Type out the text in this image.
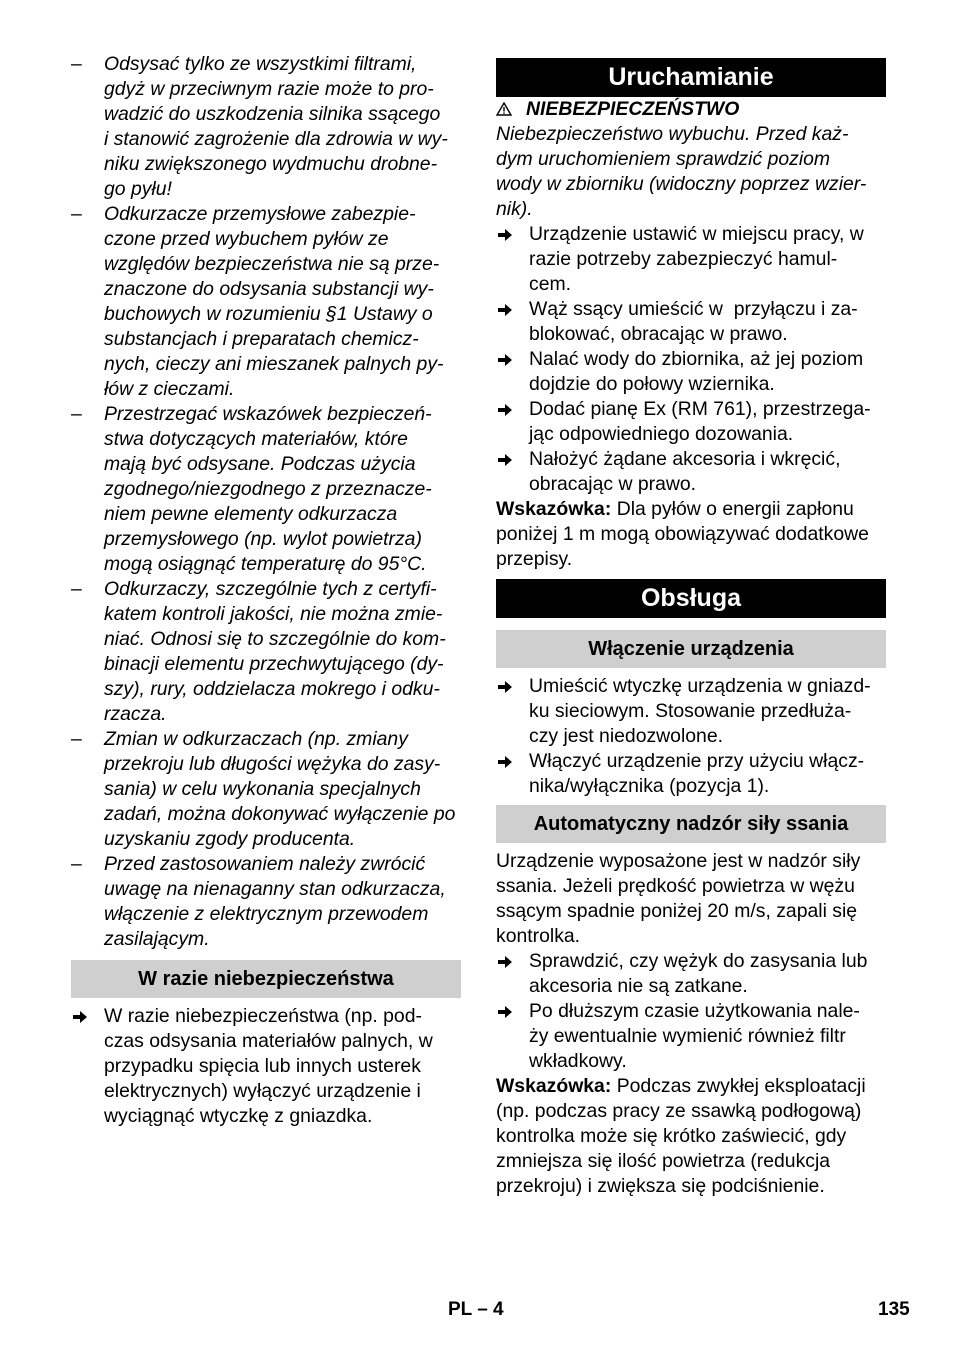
– Odsysać tylko ze wszystkimi filtrami,
gdyż w przeciwnym razie może to pro-
wadzić do uszkodzenia silnika ssącego
i stanowić zagrożenie dla zdrowia w wy-
niku zwiększonego wydmuchu drobne-
go pyłu!
– Odkurzacze przemysłowe zabezpie-
czone przed wybuchem pyłów ze
względów bezpieczeństwa nie są prze-
znaczone do odsysania substancji wy-
buchowych w rozumieniu §1 Ustawy o
substancjach i preparatach chemicz-
nych, cieczy ani mieszanek palnych py-
łów z cieczami.
– Przestrzegać wskazówek bezpieczeń-
stwa dotyczących materiałów, które
mają być odsysane. Podczas użycia
zgodnego/niezgodnego z przeznacze-
niem pewne elementy odkurzacza
przemysłowego (np. wylot powietrza)
mogą osiągnąć temperaturę do 95°C.
– Odkurzaczy, szczególnie tych z certyfi-
katem kontroli jakości, nie można zmie-
niać. Odnosi się to szczególnie do kom-
binacji elementu przechwytującego (dy-
szy), rury, oddzielacza mokrego i odku-
rzacza.
– Zmian w odkurzaczach (np. zmiany
przekroju lub długości wężyka do zasy-
sania) w celu wykonania specjalnych
zadań, można dokonywać wyłączenie po
uzyskaniu zgody producenta.
– Przed zastosowaniem należy zwrócić
uwagę na nienaganny stan odkurzacza,
włączenie z elektrycznym przewodem
zasilającym.
W razie niebezpieczeństwa
W razie niebezpieczeństwa (np. pod-
czas odsysania materiałów palnych, w
przypadku spięcia lub innych usterek
elektrycznych) wyłączyć urządzenie i
wyciągnąć wtyczkę z gniazdka.
Uruchamianie
NIEBEZPIECZEŃSTWO
Niebezpieczeństwo wybuchu. Przed każ-
dym uruchomieniem sprawdzić poziom
wody w zbiorniku (widoczny poprzez wzier-
nik).
Urządzenie ustawić w miejscu pracy, w
razie potrzeby zabezpieczyć hamul-
cem.
Wąż ssący umieścić w  przyłączu i za-
blokować, obracając w prawo.
Nalać wody do zbiornika, aż jej poziom
dojdzie do połowy wziernika.
Dodać pianę Ex (RM 761), przestrzega-
jąc odpowiedniego dozowania.
Nałożyć żądane akcesoria i wkręcić,
obracając w prawo.
Wskazówka: Dla pyłów o energii zapłonu
poniżej 1 m mogą obowiązywać dodatkowe
przepisy.
Obsługa
Włączenie urządzenia
Umieścić wtyczkę urządzenia w gniazd-
ku sieciowym. Stosowanie przedłuża-
czy jest niedozwolone.
Włączyć urządzenie przy użyciu włącz-
nika/wyłącznika (pozycja 1).
Automatyczny nadzór siły ssania
Urządzenie wyposażone jest w nadzór siły
ssania. Jeżeli prędkość powietrza w wężu
ssącym spadnie poniżej 20 m/s, zapali się
kontrolka.
Sprawdzić, czy wężyk do zasysania lub
akcesoria nie są zatkane.
Po dłuższym czasie użytkowania nale-
ży ewentualnie wymienić również filtr
wkładkowy.
Wskazówka: Podczas zwykłej eksploatacji
(np. podczas pracy ze ssawką podłogową)
kontrolka może się krótko zaświecić, gdy
zmniejsza się ilość powietrza (redukcja
przekroju) i zwiększa się podciśnienie.
PL – 4	135
